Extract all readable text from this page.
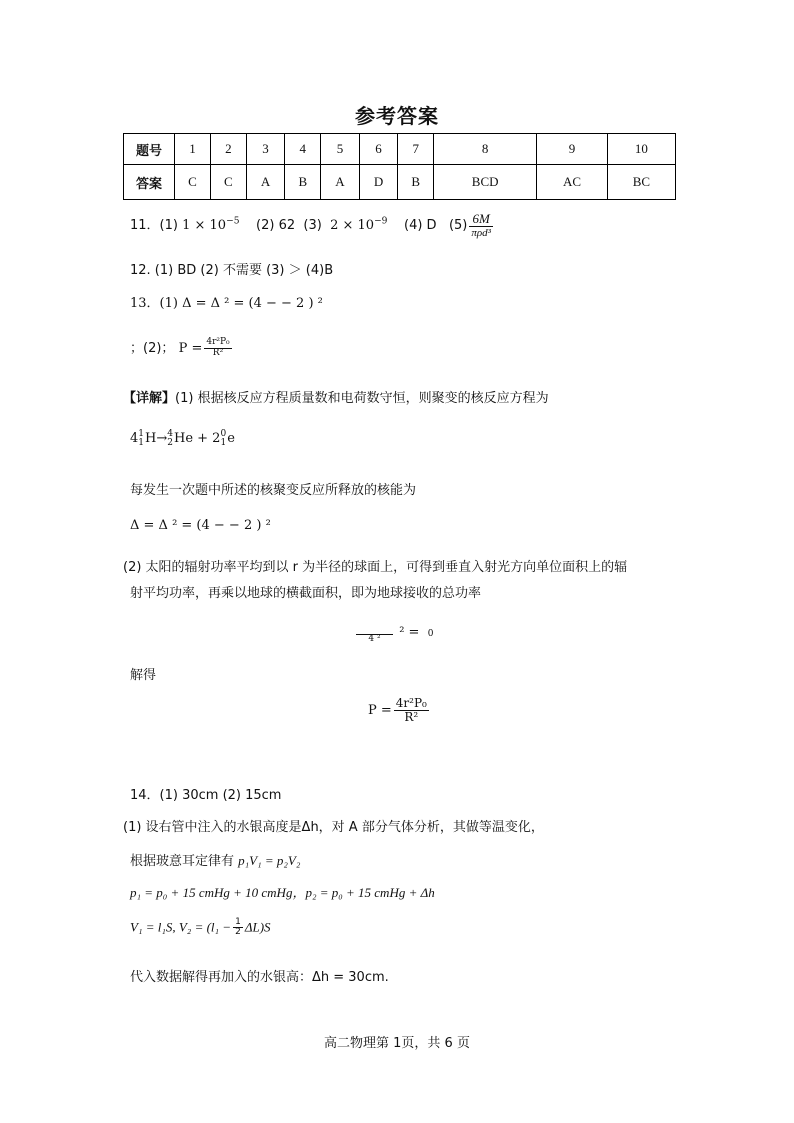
参考答案
题号	1	2	3	4	5	6	7	8	9	10
答案	C	C	A	B	A	D	B	BCD	AC	BC
11．(1) $1 \times 10^{-5}$ (2) 62 (3) $2 \times 10^{-9}$ (4) D $(5) \frac{6M}{\text{πρd³}}$
12. (1) BD (2) 不需要 (3) ＞ (4)B
13．(1) Δ = Δ ² = (4 − − 2 ) ²
；(2)； $P = \frac{\text{4r²P₀}}{\text{R²}}$
【详解】(1) 根据核反应方程质量数和电荷数守恒，则聚变的核反应方程为
41
1H→4
2He + 20
1e
每发生一次题中所述的核聚变反应所释放的核能为
Δ = Δ ² = (4 − − 2 ) ²
(2) 太阳的辐射功率平均到以 r 为半径的球面上，可得到垂直入射光方向单位面积上的辐
射平均功率，再乘以地球的横截面积，即为地球接收的总功率

4 ²	² = 0
解得
$P = \frac{\text{4r²P₀}}{\text{R²}}$
14．(1) 30cm (2) 15cm
(1) 设右管中注入的水银高度是Δh，对 A 部分气体分析，其做等温变化，
根据玻意耳定律有 p₁V₁ = p₂V₂
p₁ = p₀ + 15 cmHg + 10 cmHg，p₂ = p₀ + 15 cmHg + Δh
V₁ = l₁S, $V_2 = (l_1 - \frac{1}{2} \Delta L)S$
代入数据解得再加入的水银高：Δh = 30cm.
高二物理第 1页，共 6 页
